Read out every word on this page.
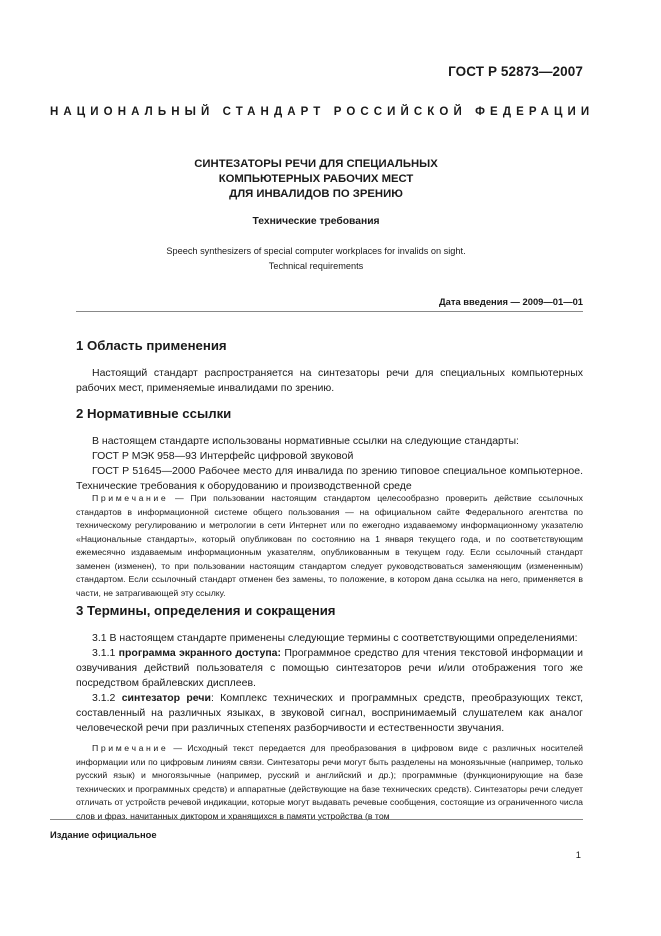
ГОСТ Р 52873—2007
НАЦИОНАЛЬНЫЙ СТАНДАРТ РОССИЙСКОЙ ФЕДЕРАЦИИ
СИНТЕЗАТОРЫ РЕЧИ ДЛЯ СПЕЦИАЛЬНЫХ
КОМПЬЮТЕРНЫХ РАБОЧИХ МЕСТ
ДЛЯ ИНВАЛИДОВ ПО ЗРЕНИЮ
Технические требования
Speech synthesizers of special computer workplaces for invalids on sight.
Technical requirements
Дата введения — 2009—01—01
1 Область применения
Настоящий стандарт распространяется на синтезаторы речи для специальных компьютерных рабочих мест, применяемые инвалидами по зрению.
2 Нормативные ссылки
В настоящем стандарте использованы нормативные ссылки на следующие стандарты:
ГОСТ Р МЭК 958—93 Интерфейс цифровой звуковой
ГОСТ Р 51645—2000 Рабочее место для инвалида по зрению типовое специальное компьютерное. Технические требования к оборудованию и производственной среде
Примечание — При пользовании настоящим стандартом целесообразно проверить действие ссылочных стандартов в информационной системе общего пользования — на официальном сайте Федерального агентства по техническому регулированию и метрологии в сети Интернет или по ежегодно издаваемому информационному указателю «Национальные стандарты», который опубликован по состоянию на 1 января текущего года, и по соответствующим ежемесячно издаваемым информационным указателям, опубликованным в текущем году. Если ссылочный стандарт заменен (изменен), то при пользовании настоящим стандартом следует руководствоваться заменяющим (измененным) стандартом. Если ссылочный стандарт отменен без замены, то положение, в котором дана ссылка на него, применяется в части, не затрагивающей эту ссылку.
3 Термины, определения и сокращения
3.1 В настоящем стандарте применены следующие термины с соответствующими определениями:
3.1.1 программа экранного доступа: Программное средство для чтения текстовой информации и озвучивания действий пользователя с помощью синтезаторов речи и/или отображения того же посредством брайлевских дисплеев.
3.1.2 синтезатор речи: Комплекс технических и программных средств, преобразующих текст, составленный на различных языках, в звуковой сигнал, воспринимаемый слушателем как аналог человеческой речи при различных степенях разборчивости и естественности звучания.
Примечание — Исходный текст передается для преобразования в цифровом виде с различных носителей информации или по цифровым линиям связи. Синтезаторы речи могут быть разделены на моноязычные (например, только русский язык) и многоязычные (например, русский и английский и др.); программные (функционирующие на базе технических и программных средств) и аппаратные (действующие на базе технических средств). Синтезаторы речи следует отличать от устройств речевой индикации, которые могут выдавать речевые сообщения, состоящие из ограниченного числа слов и фраз, начитанных диктором и хранящихся в памяти устройства (в том
Издание официальное
1
